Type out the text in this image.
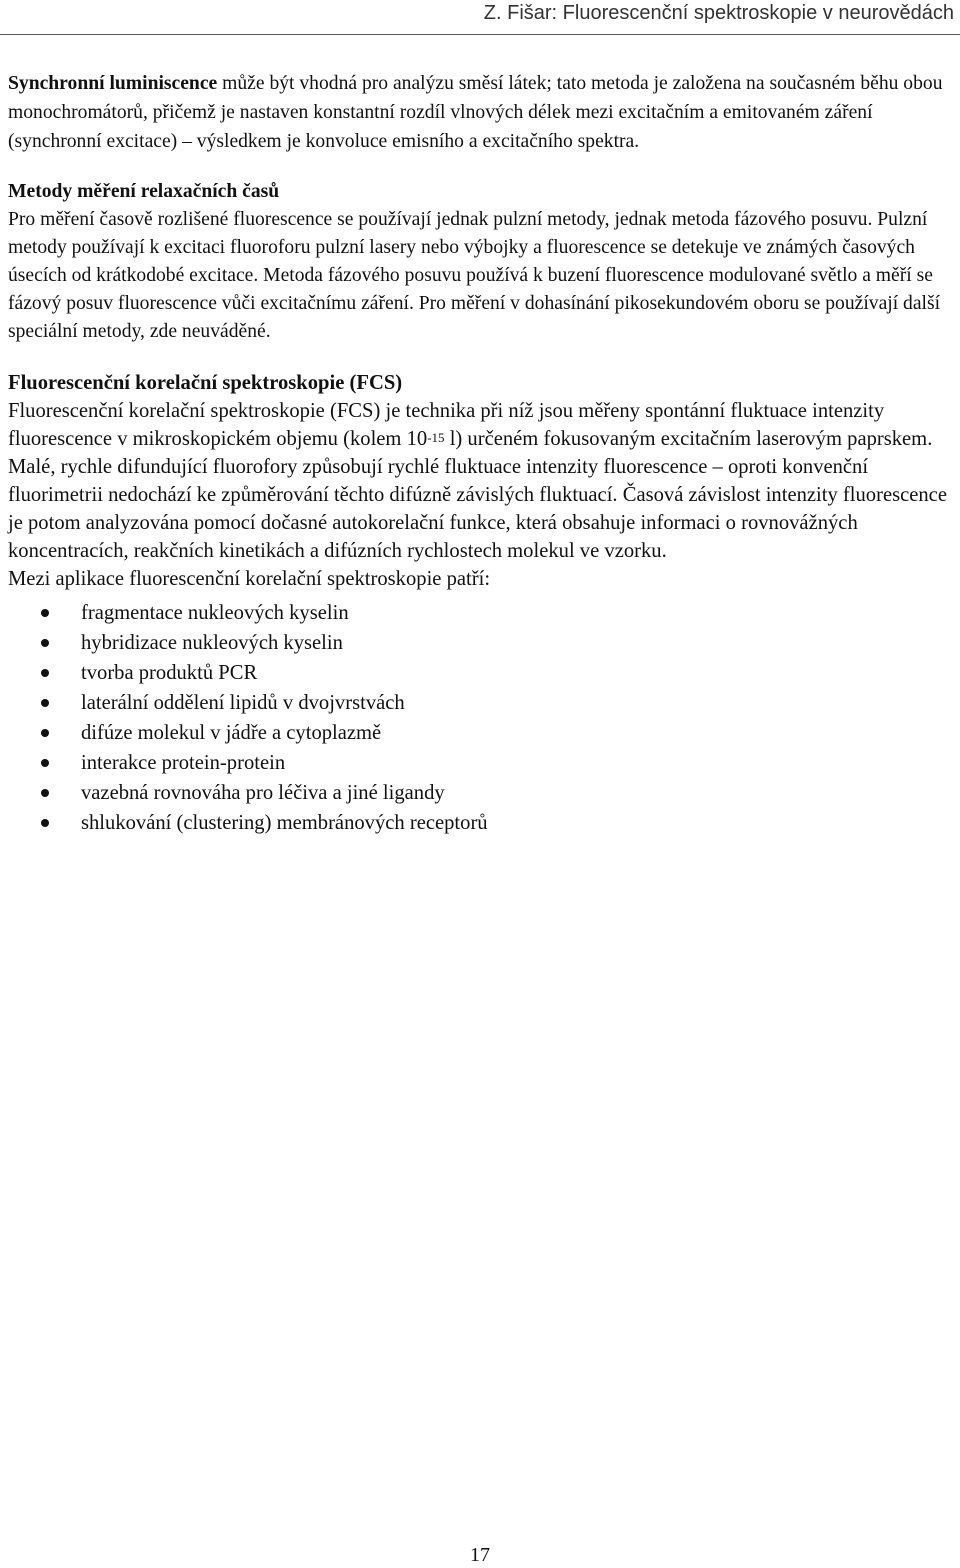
Z. Fišar: Fluorescenční spektroskopie v neurovědách

Synchronní luminiscence může být vhodná pro analýzu směsí látek; tato metoda je založena na současném běhu obou monochromátorů, přičemž je nastaven konstantní rozdíl vlnových délek mezi excitačním a emitovaném záření (synchronní excitace) – výsledkem je konvoluce emisního a excitačního spektra.

Metody měření relaxačních časů
Pro měření časově rozlišené fluorescence se používají jednak pulzní metody, jednak metoda fázového posuvu. Pulzní metody používají k excitaci fluoroforu pulzní lasery nebo výbojky a fluorescence se detekuje ve známých časových úsecích od krátkodobé excitace. Metoda fázového posuvu používá k buzení fluorescence modulované světlo a měří se fázový posuv fluorescence vůči excitačnímu záření. Pro měření v dohasínání pikosekundovém oboru se používají další speciální metody, zde neuváděné.
Fluorescenční korelační spektroskopie (FCS)
Fluorescenční korelační spektroskopie (FCS) je technika při níž jsou měřeny spontánní fluktuace intenzity fluorescence v mikroskopickém objemu (kolem $10^{-15}$ l) určeném fokusovaným excitačním laserovým paprskem. Malé, rychle difundující fluorofory způsobují rychlé fluktuace intenzity fluorescence – oproti konvenční fluorimetrii nedochází ke způměrování těchto difúzně závislých fluktuací. Časová závislost intenzity fluorescence je potom analyzována pomocí dočasné autokorelační funkce, která obsahuje informaci o rovnovážných koncentracích, reakčních kinetikách a difúzních rychlostech molekul ve vzorku.
Mezi aplikace fluorescenční korelační spektroskopie patří:
fragmentace nukleových kyselin
hybridizace nukleových kyselin
tvorba produktů PCR
laterální oddělení lipidů v dvojvrstvách
difúze molekul v jádře a cytoplazmě
interakce protein-protein
vazebná rovnováha pro léčiva a jiné ligandy
shlukování (clustering) membránových receptorů
17
